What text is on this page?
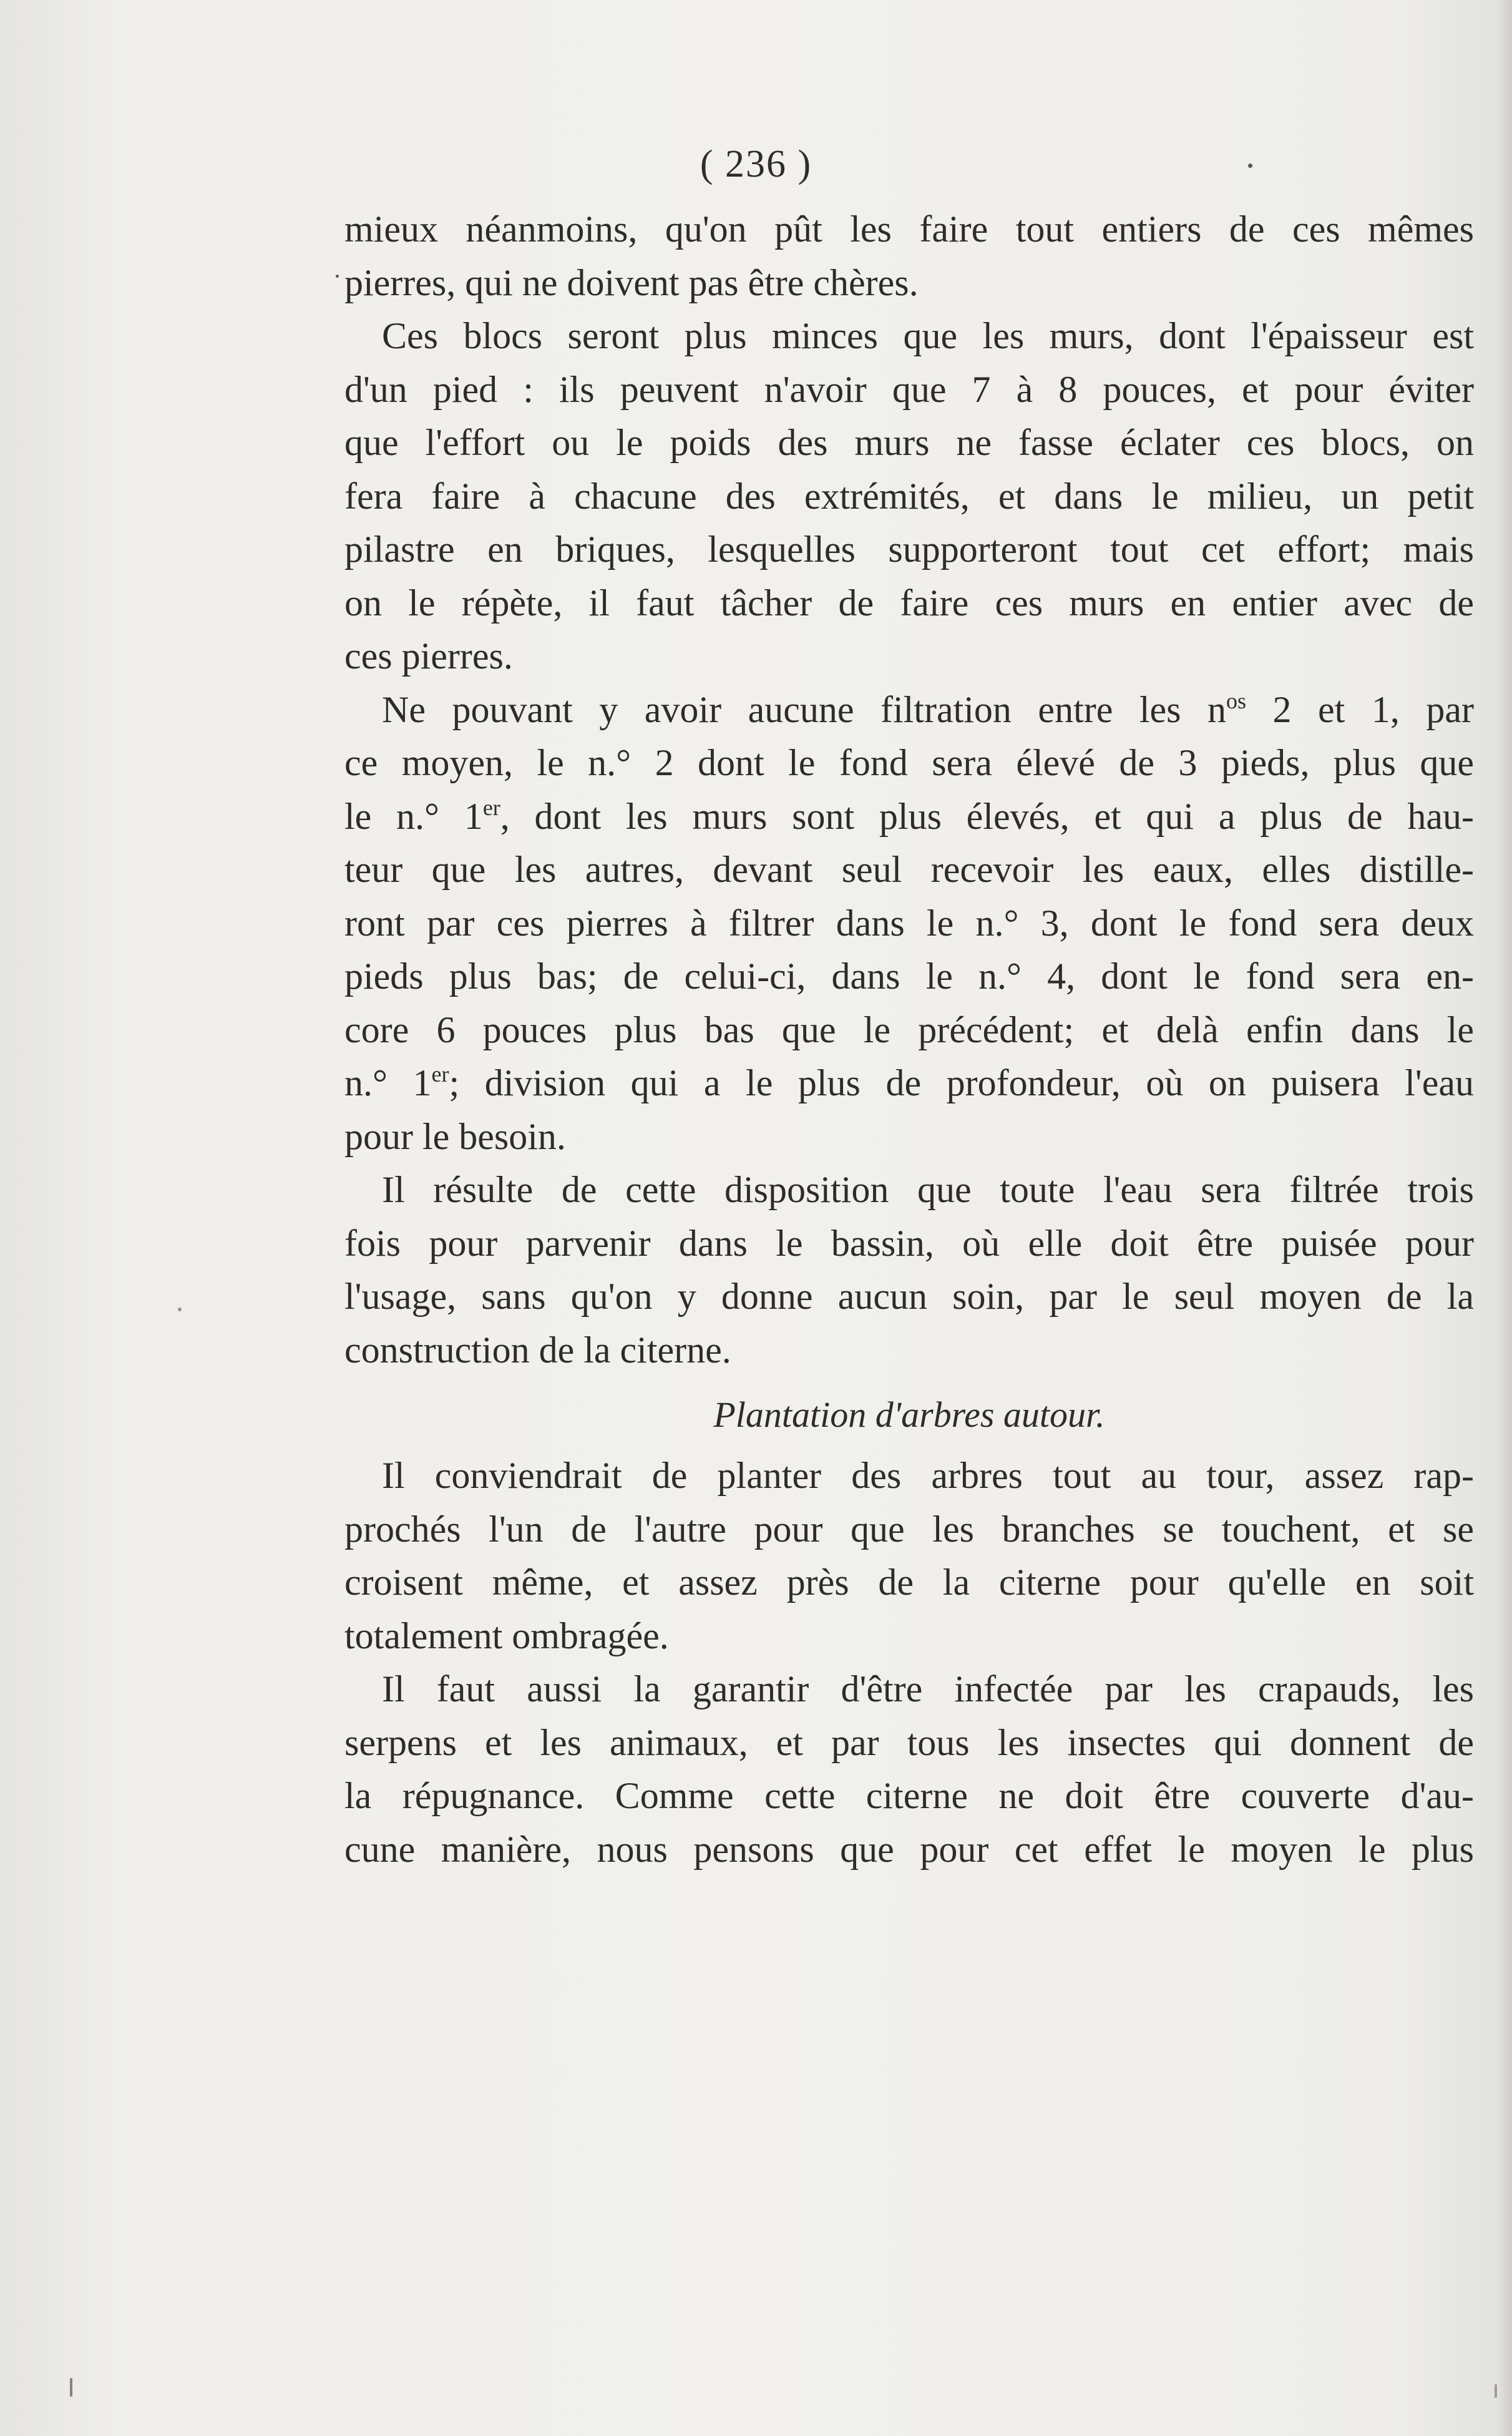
( 236 )
mieux néanmoins, qu'on pût les faire tout entiers de ces mêmes
pierres, qui ne doivent pas être chères.
Ces blocs seront plus minces que les murs, dont l'épaisseur est
d'un pied : ils peuvent n'avoir que 7 à 8 pouces, et pour éviter
que l'effort ou le poids des murs ne fasse éclater ces blocs, on
fera faire à chacune des extrémités, et dans le milieu, un petit
pilastre en briques, lesquelles supporteront tout cet effort; mais
on le répète, il faut tâcher de faire ces murs en entier avec de
ces pierres.
Ne pouvant y avoir aucune filtration entre les $n^{os}$ 2 et 1, par
ce moyen, le n.° 2 dont le fond sera élevé de 3 pieds, plus que
le n.° 1er, dont les murs sont plus élevés, et qui a plus de hau-
teur que les autres, devant seul recevoir les eaux, elles distille-
ront par ces pierres à filtrer dans le n.° 3, dont le fond sera deux
pieds plus bas; de celui-ci, dans le n.° 4, dont le fond sera en-
core 6 pouces plus bas que le précédent; et delà enfin dans le
n.° 1er; division qui a le plus de profondeur, où on puisera l'eau
pour le besoin.
Il résulte de cette disposition que toute l'eau sera filtrée trois
fois pour parvenir dans le bassin, où elle doit être puisée pour
l'usage, sans qu'on y donne aucun soin, par le seul moyen de la
construction de la citerne.
Plantation d'arbres autour.
Il conviendrait de planter des arbres tout au tour, assez rap-
prochés l'un de l'autre pour que les branches se touchent, et se
croisent même, et assez près de la citerne pour qu'elle en soit
totalement ombragée.
Il faut aussi la garantir d'être infectée par les crapauds, les
serpens et les animaux, et par tous les insectes qui donnent de
la répugnance. Comme cette citerne ne doit être couverte d'au-
cune manière, nous pensons que pour cet effet le moyen le plus
